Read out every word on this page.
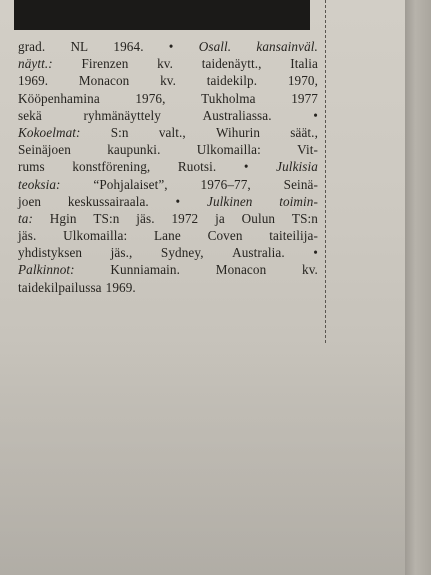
grad. NL 1964. • Osall. kansainväl.
näytt.: Firenzen kv. taidenäytt., Italia
1969. Monacon kv. taidekilp. 1970,
Kööpenhamina	1976,	Tukholma	1977
sekä	ryhmänäyttely	Australiassa.	•
Kokoelmat: S:n valt., Wihurin säät.,
Seinäjoen	kaupunki.	Ulkomailla:	Vit-
rums konstförening, Ruotsi. • Julkisia
teoksia: “Pohjalaiset”, 1976–77, Seinä-
joen keskussairaala. • Julkinen toimin-
ta: Hgin TS:n jäs. 1972 ja Oulun TS:n
jäs. Ulkomailla: Lane Coven taiteilija-
yhdistyksen jäs., Sydney, Australia. •
Palkinnot:	Kunniamain.	Monacon	kv.
taidekilpailussa 1969.
